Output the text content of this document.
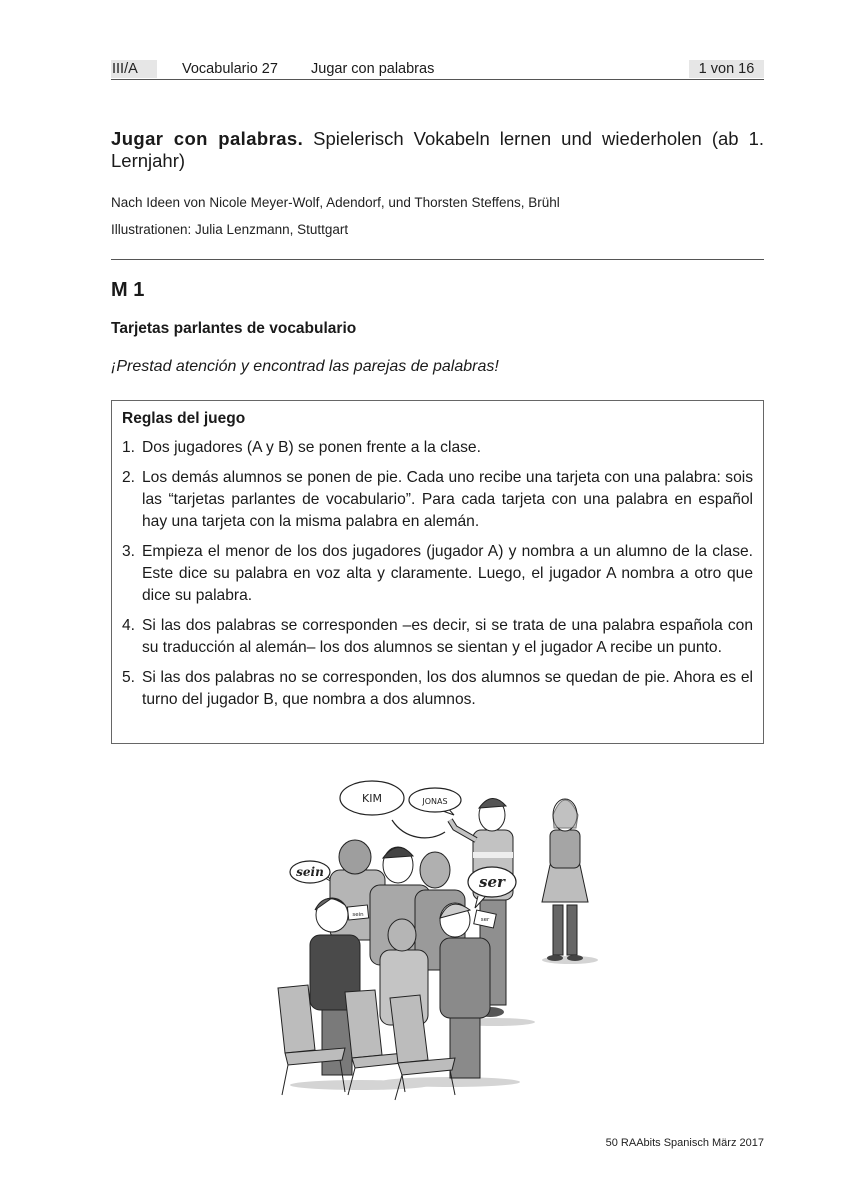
III/A	Vocabulario 27 Jugar con palabras	1 von 16
Jugar con palabras. Spielerisch Vokabeln lernen und wiederholen (ab 1. Lernjahr)
Nach Ideen von Nicole Meyer-Wolf, Adendorf, und Thorsten Steffens, Brühl
Illustrationen: Julia Lenzmann, Stuttgart
M 1
Tarjetas parlantes de vocabulario
¡Prestad atención y encontrad las parejas de palabras!
Reglas del juego
1. Dos jugadores (A y B) se ponen frente a la clase.
2. Los demás alumnos se ponen de pie. Cada uno recibe una tarjeta con una palabra: sois las “tarjetas parlantes de vocabulario”. Para cada tarjeta con una palabra en español hay una tarjeta con la misma palabra en alemán.
3. Empieza el menor de los dos jugadores (jugador A) y nombra a un alumno de la clase. Este dice su palabra en voz alta y claramente. Luego, el jugador A nombra a otro que dice su palabra.
4. Si las dos palabras se corresponden –es decir, si se trata de una palabra española con su traducción al alemán– los dos alumnos se sientan y el jugador A recibe un punto.
5. Si las dos palabras no se corresponden, los dos alumnos se quedan de pie. Ahora es el turno del jugador B, que nombra a dos alumnos.
KIM	JONAS
sein
sein
ser
ser
50 RAAbits Spanisch März 2017
